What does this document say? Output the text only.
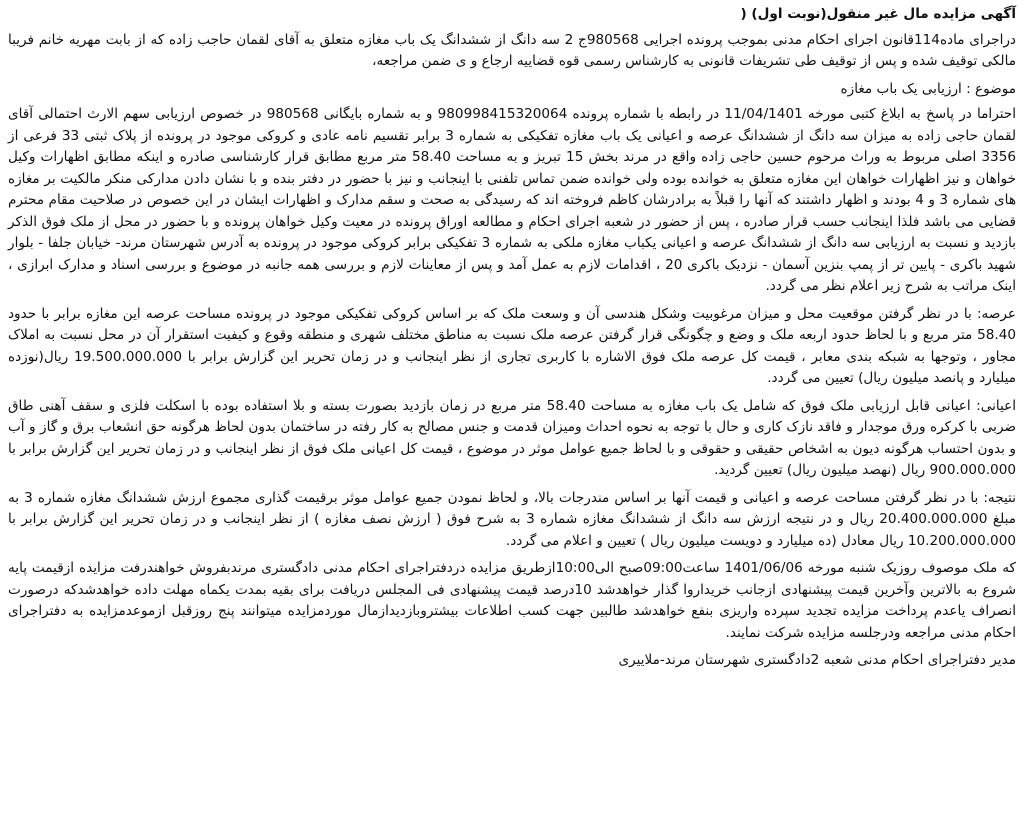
آگهی مزایده مال غیر منقول(نوبت اول) (

دراجرای ماده114قانون اجرای احکام مدنی بموجب پرونده اجرایی 980568ج 2 سه دانگ از ششدانگ یک باب مغازه متعلق به آقای لقمان حاجب زاده که از بابت مهریه خانم فریبا مالکی توقیف شده و پس از توقیف طی تشریفات قانونی به کارشناس رسمی قوه قضاییه ارجاع و ی ضمن مراجعه،

موضوع : ارزیابی یک باب مغازه

احتراما در پاسخ به ابلاغ کتبی مورخه 11/04/1401 در رابطه با شماره پرونده 980998415320064 و به شماره بایگانی 980568 در خصوص ارزیابی سهم الارث احتمالی آقای لقمان حاجی زاده به میزان سه دانگ از ششدانگ عرصه و اعیانی یک باب مغازه تفکیکی به شماره 3 برابر تقسیم نامه عادی و کروکی موجود در پرونده از پلاک ثبتی 33 فرعی از 3356 اصلی مربوط به وراث مرحوم حسین حاجی زاده واقع در مرند بخش 15 تبریز و به مساحت 58.40 متر مربع مطابق قرار کارشناسی صادره و اینکه مطابق اظهارات وکیل خواهان و نیز اظهارات خواهان این مغازه متعلق به خوانده بوده ولی خوانده ضمن تماس تلفنی با اینجانب و نیز با حضور در دفتر بنده و با نشان دادن مدارکی منکر مالکیت بر مغازه های شماره 3 و 4 بودند و اظهار داشتند که آنها را قبلاً به برادرشان کاظم فروخته اند که رسیدگی به صحت و سقم مدارک و اظهارات ایشان در این خصوص در صلاحیت مقام محترم قضایی می باشد فلذا اینجانب حسب قرار صادره ، پس از حضور در شعبه اجرای احکام و مطالعه اوراق پرونده در معیت وکیل خواهان پرونده و با حضور در محل از ملک فوق الذکر بازدید و نسبت به ارزیابی سه دانگ از ششدانگ عرصه و اعیانی یکباب مغازه ملکی به شماره 3 تفکیکی برابر کروکی موجود در پرونده به آدرس شهرستان مرند- خیابان جلفا - بلوار شهید باکری - پایین تر از پمپ بنزین آسمان - نزدیک باکری 20 ، اقدامات لازم به عمل آمد و پس از معاینات لازم و بررسی همه جانبه در موضوع و بررسی اسناد و مدارک ابرازی ، اینک مراتب به شرح زیر اعلام نظر می گردد.

عرصه: با در نظر گرفتن موقعیت محل و میزان مرغوبیت وشکل هندسی آن و وسعت ملک که بر اساس کروکی تفکیکی موجود در پرونده مساحت عرصه این مغازه برابر با حدود 58.40 متر مربع و با لحاظ حدود اربعه ملک و وضع و چگونگی قرار گرفتن عرصه ملک نسبت به مناطق مختلف شهری و منطقه وقوع و کیفیت استقرار آن در محل نسبت به املاک مجاور ، وتوجها به شبکه بندی معابر ، قیمت کل عرصه ملک فوق الاشاره با کاربری تجاری از نظر اینجانب و در زمان تحریر این گزارش برابر با 19.500.000.000 ریال(نوزده میلیارد و پانصد میلیون ریال) تعیین می گردد.

اعیانی: اعیانی قابل ارزیابی ملک فوق که شامل یک باب مغازه به مساحت 58.40 متر مربع در زمان بازدید بصورت بسته و بلا استفاده بوده با اسکلت فلزی و سقف آهنی طاق ضربی با کرکره ورق موجدار و فاقد نازک کاری و حال با توجه به نحوه احداث ومیزان قدمت و جنس مصالح به کار رفته در ساختمان بدون لحاظ هرگونه حق انشعاب برق و گاز و آب و بدون احتساب هرگونه دیون به اشخاص حقیقی و حقوقی و با لحاظ جمیع عوامل موثر در موضوع ، قیمت کل اعیانی ملک فوق از نظر اینجانب و در زمان تحریر این گزارش برابر با 900.000.000 ریال (نهصد میلیون ریال) تعیین گردید.

نتیجه: با در نظر گرفتن مساحت عرصه و اعیانی و قیمت آنها بر اساس مندرجات بالا، و لحاظ نمودن جمیع عوامل موثر برقیمت گذاری مجموع ارزش ششدانگ مغازه شماره 3 به مبلغ 20.400.000.000 ریال و در نتیجه ارزش سه دانگ از ششدانگ مغازه شماره 3 به شرح فوق ( ارزش نصف مغازه ) از نظر اینجانب و در زمان تحریر این گزارش برابر با 10.200.000.000 ریال معادل (ده میلیارد و دویست میلیون ریال ) تعیین و اعلام می گردد.

که ملک موصوف روزیک شنبه مورخه 1401/06/06 ساعت09:00صبح الی10:00ازطریق مزایده دردفتراجرای احکام مدنی دادگستری مرندبفروش خواهندرفت مزایده ازقیمت پایه شروع به بالاترین وآخرین قیمت پیشنهادی ازجانب خریداروا گذار خواهدشد 10درصد قیمت پیشنهادی فی المجلس دریافت برای بقیه بمدت یکماه مهلت داده خواهدشدکه درصورت انصراف یاعدم پرداخت مزایده تجدید سپرده واریزی بنفع خواهدشد طالبین جهت کسب اطلاعات بیشتروبازدیدازمال موردمزایده میتوانند پنج روزقبل ازموعدمزایده به دفتراجرای احکام مدنی مراجعه ودرجلسه مزایده شرکت نمایند.

مدیر دفتراجرای احکام مدنی شعبه 2دادگستری شهرستان مرند-ملاییری
